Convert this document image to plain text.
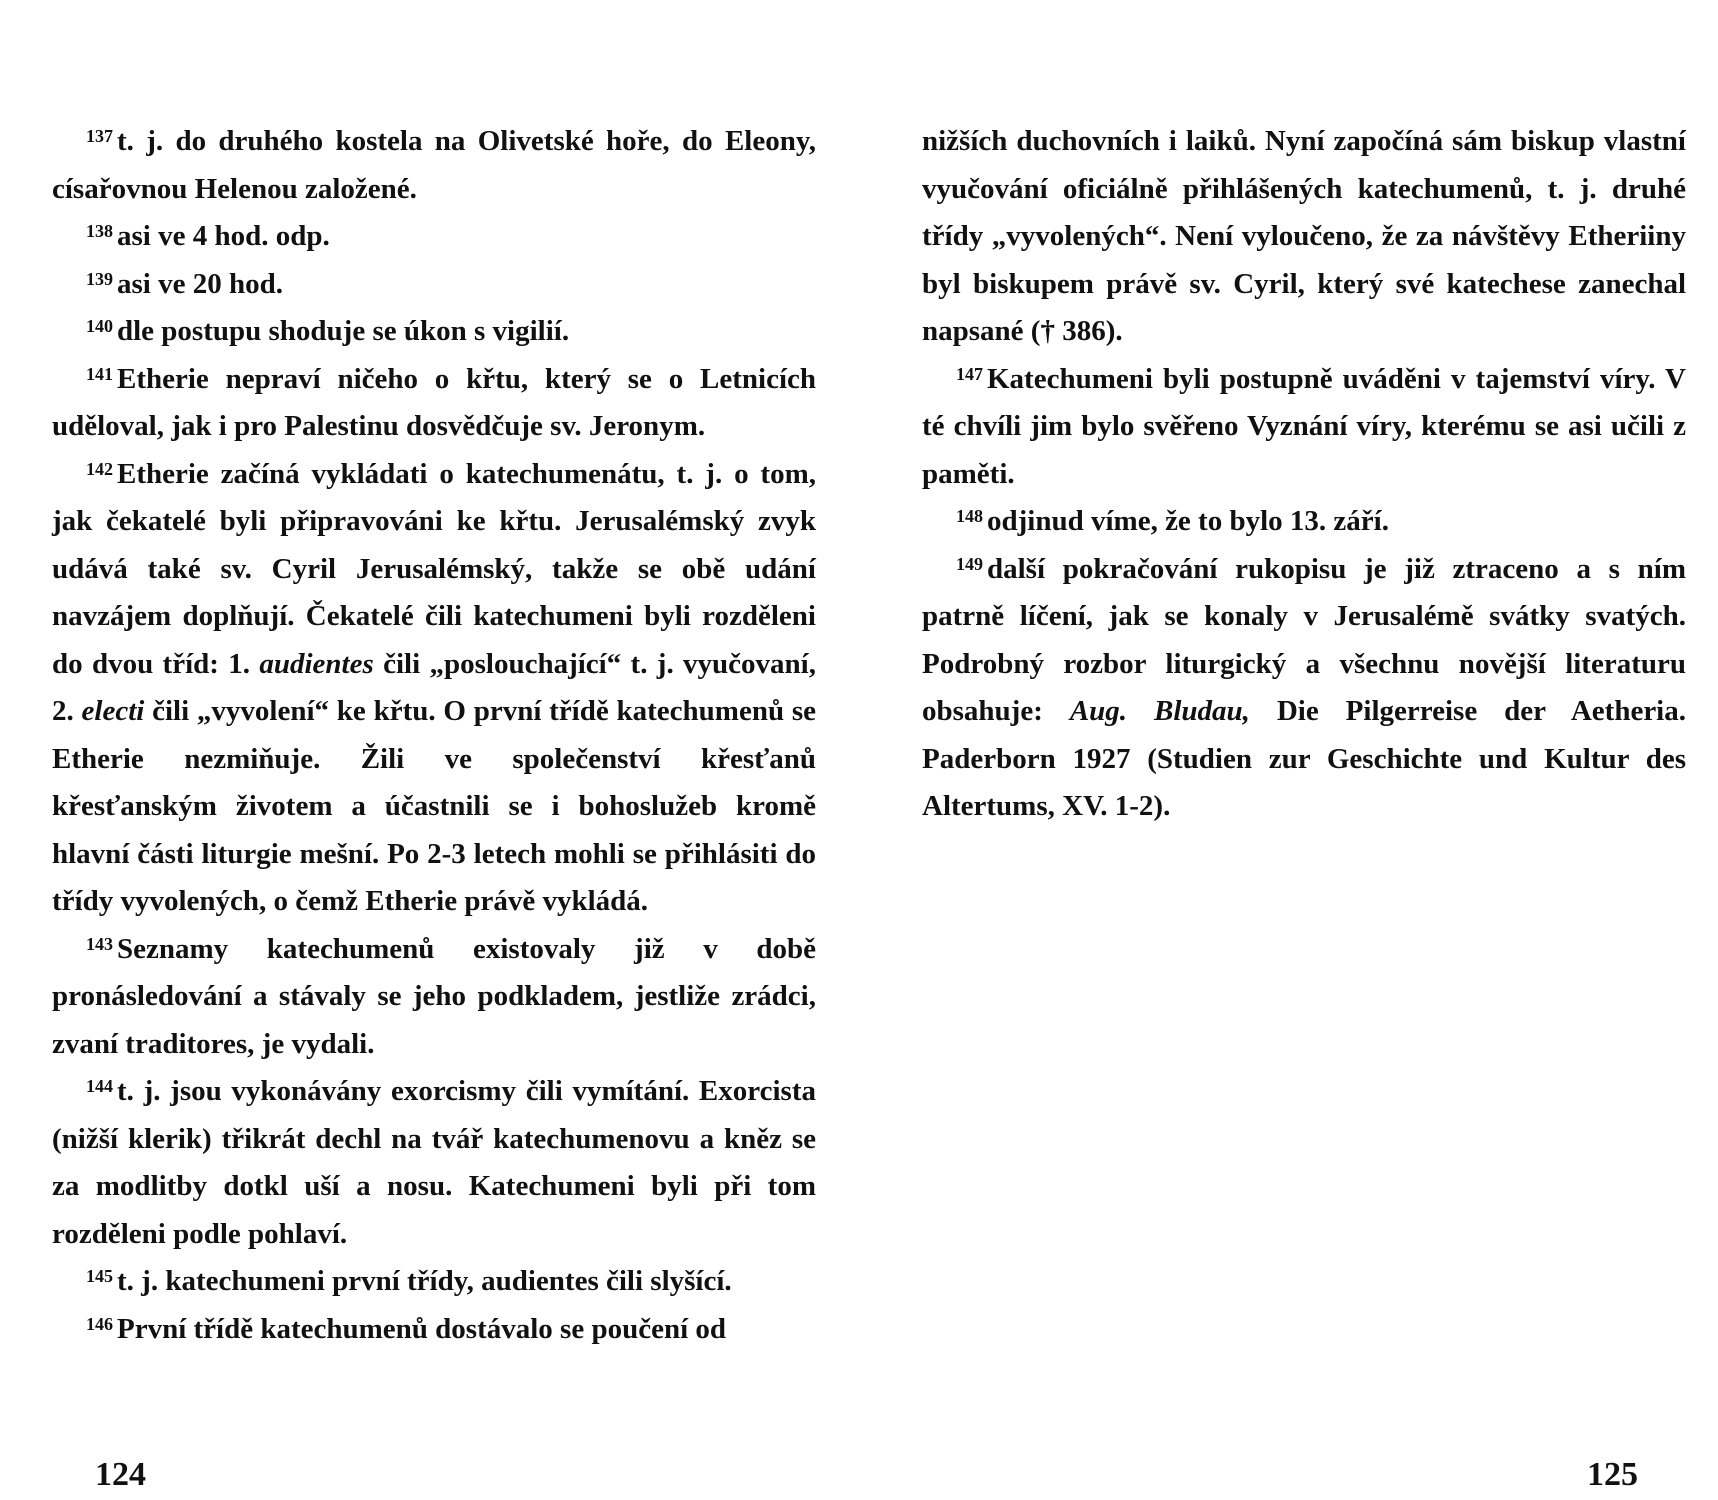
$^{137}$ t. j. do druhého kostela na Olivetské hoře, do Eleony, císařovnou Helenou založené.

$^{138}$ asi ve 4 hod. odp.

$^{139}$ asi ve 20 hod.

$^{140}$ dle postupu shoduje se úkon s vigilií.

$^{141}$ Etherie nepraví ničeho o křtu, který se o Letnicích uděloval, jak i pro Palestinu dosvědčuje sv. Jeronym.

$^{142}$ Etherie začíná vykládati o katechumenátu, t. j. o tom, jak čekatelé byli připravováni ke křtu. Jerusalémský zvyk udává také sv. Cyril Jerusalémský, takže se obě udání navzájem doplňují. Čekatelé čili katechumeni byli rozděleni do dvou tříd: 1. audientes čili „poslouchající“ t. j. vyučovaní, 2. electi čili „vyvolení“ ke křtu. O první třídě katechumenů se Etherie nezmiňuje. Žili ve společenství křesťanů křesťanským životem a účastnili se i bohoslužeb kromě hlavní části liturgie mešní. Po 2-3 letech mohli se přihlásiti do třídy vyvolených, o čemž Etherie právě vykládá.

$^{143}$ Seznamy katechumenů existovaly již v době pronásledování a stávaly se jeho podkladem, jestliže zrádci, zvaní traditores, je vydali.

$^{144}$ t. j. jsou vykonávány exorcismy čili vymítání. Exorcista (nižší klerik) třikrát dechl na tvář katechumenovu a kněz se za modlitby dotkl uší a nosu. Katechumeni byli při tom rozděleni podle pohlaví.

$^{145}$ t. j. katechumeni první třídy, audientes čili slyšící.

$^{146}$ První třídě katechumenů dostávalo se poučení od

124

nižších duchovních i laiků. Nyní započíná sám biskup vlastní vyučování oficiálně přihlášených katechumenů, t. j. druhé třídy „vyvolených“. Není vyloučeno, že za návštěvy Etheriiny byl biskupem právě sv. Cyril, který své katechese zanechal napsané († 386).

$^{147}$ Katechumeni byli postupně uváděni v tajemství víry. V té chvíli jim bylo svěřeno Vyznání víry, kterému se asi učili z paměti.

$^{148}$ odjinud víme, že to bylo 13. září.

$^{149}$ další pokračování rukopisu je již ztraceno a s ním patrně líčení, jak se konaly v Jerusalémě svátky svatých. Podrobný rozbor liturgický a všechnu novější literaturu obsahuje: Aug. Bludau, Die Pilgerreise der Aetheria. Paderborn 1927 (Studien zur Geschichte und Kultur des Altertums, XV. 1-2).

125
